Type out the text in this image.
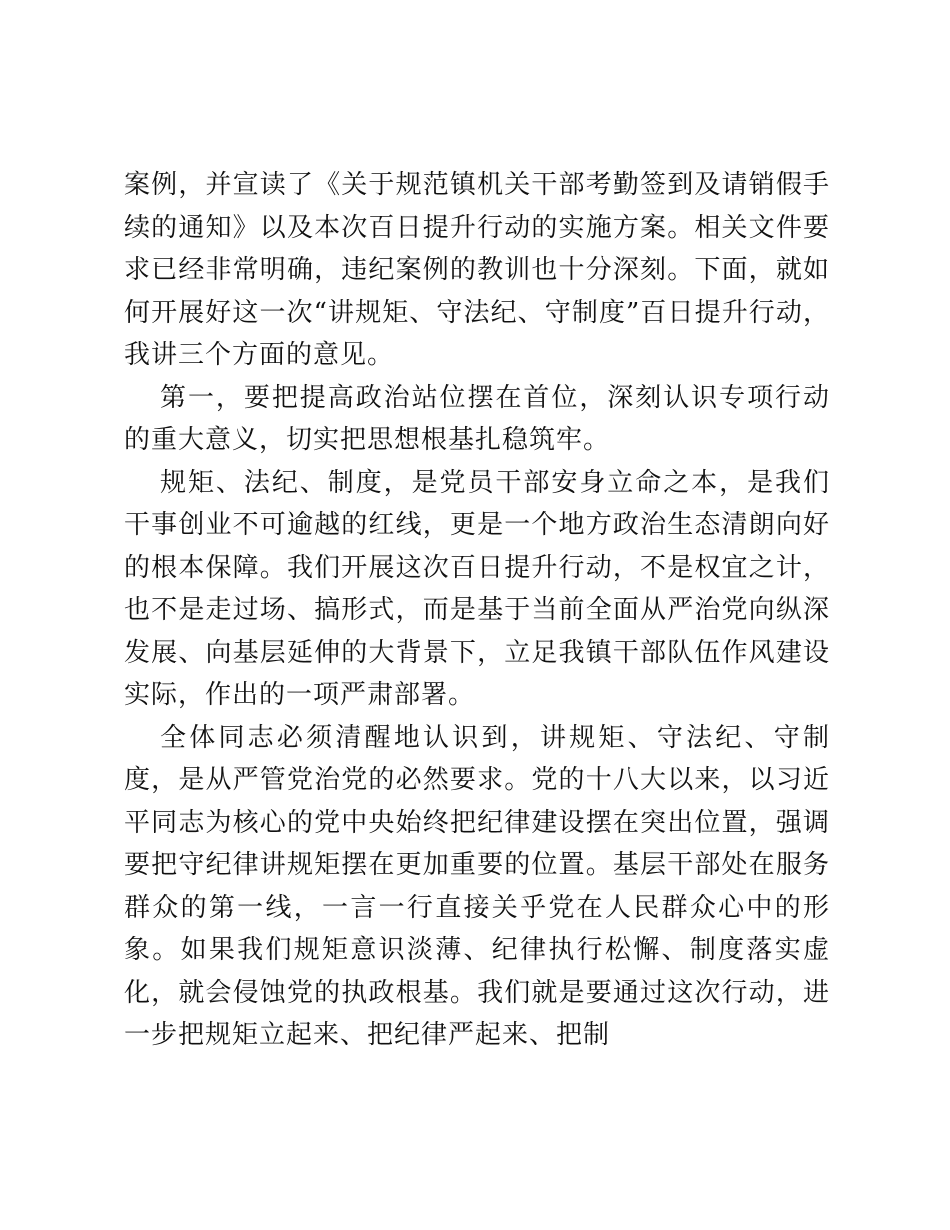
案例，并宣读了《关于规范镇机关干部考勤签到及请销假手续的通知》以及本次百日提升行动的实施方案。相关文件要求已经非常明确，违纪案例的教训也十分深刻。下面，就如何开展好这一次“讲规矩、守法纪、守制度”百日提升行动，我讲三个方面的意见。

第一，要把提高政治站位摆在首位，深刻认识专项行动的重大意义，切实把思想根基扎稳筑牢。

规矩、法纪、制度，是党员干部安身立命之本，是我们干事创业不可逾越的红线，更是一个地方政治生态清朗向好的根本保障。我们开展这次百日提升行动，不是权宜之计，也不是走过场、搞形式，而是基于当前全面从严治党向纵深发展、向基层延伸的大背景下，立足我镇干部队伍作风建设实际，作出的一项严肃部署。

全体同志必须清醒地认识到，讲规矩、守法纪、守制度，是从严管党治党的必然要求。党的十八大以来，以习近平同志为核心的党中央始终把纪律建设摆在突出位置，强调要把守纪律讲规矩摆在更加重要的位置。基层干部处在服务群众的第一线，一言一行直接关乎党在人民群众心中的形象。如果我们规矩意识淡薄、纪律执行松懈、制度落实虚化，就会侵蚀党的执政根基。我们就是要通过这次行动，进一步把规矩立起来、把纪律严起来、把制
